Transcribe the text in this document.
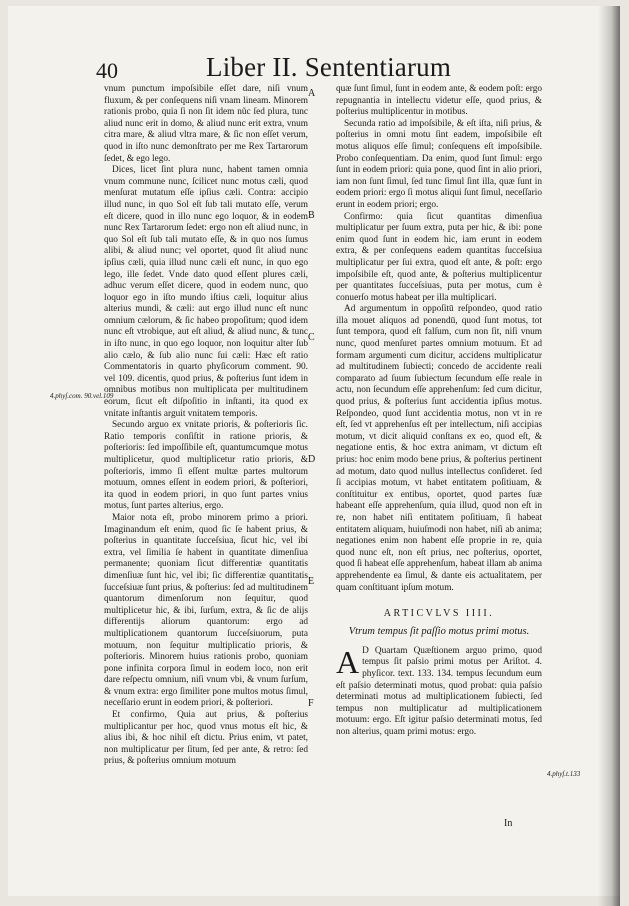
40	Liber II. Sententiarum

vnum punctum impoſsibile eſſet dare, niſi vnum fluxum, & per conſequens niſi vnam lineam. Minorem rationis probo, quia ſi non ſit idem nũc ſed plura, tunc aliud nunc erit in domo, & aliud nunc erit extra, vnum citra mare, & aliud vltra mare, & ſic non eſſet verum, quod in iſto nunc demonſtrato per me Rex Tartarorum ſedet, & ego lego.

Dices, licet ſint plura nunc, habent tamen omnia vnum commune nunc, ſcilicet nunc motus cæli, quod menſurat mutatum eſſe ipſius cæli. Contra: accipio illud nunc, in quo Sol eſt ſub tali mutato eſſe, verum eſt dicere, quod in illo nunc ego loquor, & in eodem nunc Rex Tartarorum ſedet: ergo non eſt aliud nunc, in quo Sol eſt ſub tali mutato eſſe, & in quo nos ſumus alibi, & aliud nunc; vel oportet, quod ſit aliud nunc ipſius cæli, quia illud nunc cæli eſt nunc, in quo ego lego, ille ſedet. Vnde dato quod eſſent plures cæli, adhuc verum eſſet dicere, quod in eodem nunc, quo loquor ego in iſto mundo iſtius cæli, loquitur alius alterius mundi, & cæli: aut ergo illud nunc eſt nunc omnium cælorum, & ſic habeo propoſitum; quod idem nunc eſt vtrobique, aut eſt aliud, & aliud nunc, & tunc in iſto nunc, in quo ego loquor, non loquitur alter ſub alio cælo, & ſub alio nunc ſui cæli: Hæc eſt ratio Commentatoris in quarto phyſicorum comment. 90. vel 109. dicentis, quod prius, & poſterius ſunt idem in omnibus motibus non multiplicata per multitudinem eorum, ſicut eſt diſpoſitio in inſtanti, ita quod ex vnitate inſtantis arguit vnitatem temporis.

Secundo arguo ex vnitate prioris, & poſterioris ſic. Ratio temporis conſiſtit in ratione prioris, & poſterioris: ſed impoſſibile eſt, quantumcumque motus multiplicetur, quod multiplicetur ratio prioris, & poſterioris, immo ſi eſſent multæ partes multorum motuum, omnes eſſent in eodem priori, & poſteriori, ita quod in eodem priori, in quo ſunt partes vnius motus, ſunt partes alterius, ergo.

Maior nota eſt, probo minorem primo a priori. Imaginandum eſt enim, quod ſic ſe habent prius, & poſterius in quantitate ſucceſsiua, ſicut hic, vel ibi extra, vel ſimilia ſe habent in quantitate dimenſiua permanente; quoniam ſicut differentiæ quantitatis dimenſiuæ ſunt hic, vel ibi; ſic differentiæ quantitatis ſucceſsiuæ ſunt prius, & poſterius: ſed ad multitudinem quantorum dimenſorum non ſequitur, quod multiplicetur hic, & ibi, ſurſum, extra, & ſic de alijs differentijs aliorum quantorum: ergo ad multiplicationem quantorum ſucceſsiuorum, puta motuum, non ſequitur multiplicatio prioris, & poſterioris. Minorem huius rationis probo, quoniam pone infinita corpora ſimul in eodem loco, non erit dare reſpectu omnium, niſi vnum vbi, & vnum ſurſum, & vnum extra: ergo ſimiliter pone multos motus ſimul, neceſſario erunt in eodem priori, & poſteriori.

Et confirmo, Quia aut prius, & poſterius multiplicantur per hoc, quod vnus motus eſt hic, & alius ibi, & hoc nihil eſt dictu. Prius enim, vt patet, non multiplicatur per ſitum, ſed per ante, & retro: ſed prius, & poſterius omnium motuum

4.phyſ.com. 90.vel.109
A
B
C
D
E
F

quæ ſunt ſimul, ſunt in eodem ante, & eodem poſt: ergo repugnantia in intellectu videtur eſſe, quod prius, & poſterius multiplicentur in motibus.

Secunda ratio ad impoſsibile, & eſt iſta, niſi prius, & poſterius in omni motu ſint eadem, impoſsibile eſt motus aliquos eſſe ſimul; conſequens eſt impoſsibile. Probo conſequentiam. Da enim, quod ſunt ſimul: ergo ſunt in eodem priori: quia pone, quod ſint in alio priori, iam non ſunt ſimul, ſed tunc ſimul ſint illa, quæ ſunt in eodem priori: ergo ſi motus aliqui ſunt ſimul, neceſſario erunt in eodem priori; ergo.

Confirmo: quia ſicut quantitas dimenſiua multiplicatur per ſuum extra, puta per hic, & ibi: pone enim quod ſunt in eodem hic, iam erunt in eodem extra, & per conſequens eadem quantitas ſucceſsiua multiplicatur per ſui extra, quod eſt ante, & poſt: ergo impoſsibile eſt, quod ante, & poſterius multiplicentur per quantitates ſucceſsiuas, puta per motus, cum è conuerſo motus habeat per illa multiplicari.

Ad argumentum in oppoſitū reſpondeo, quod ratio illa mouet aliquos ad ponendū, quod ſunt motus, tot ſunt tempora, quod eſt falſum, cum non ſit, niſi vnum nunc, quod menſuret partes omnium motuum. Et ad formam argumenti cum dicitur, accidens multiplicatur ad multitudinem ſubiecti; concedo de accidente reali comparato ad ſuum ſubiectum ſecundum eſſe reale in actu, non ſecundum eſſe apprehenſum: ſed cum dicitur, quod prius, & poſterius ſunt accidentia ipſius motus. Reſpondeo, quod ſunt accidentia motus, non vt in re eſt, ſed vt apprehenſus eſt per intellectum, niſi accipias motum, vt dicit aliquid conſtans ex eo, quod eſt, & negatione entis, & hoc extra animam, vt dictum eſt prius: hoc enim modo bene prius, & poſterius pertinent ad motum, dato quod nullus intellectus conſideret. ſed ſi accipias motum, vt habet entitatem poſitiuam, & conſtituitur ex entibus, oportet, quod partes ſuæ habeant eſſe apprehenſum, quia illud, quod non eſt in re, non habet niſi entitatem poſitiuam, ſi habeat entitatem aliquam, huiuſmodi non habet, niſi ab anima; negationes enim non habent eſſe proprie in re, quia quod nunc eſt, non eſt prius, nec poſterius, oportet, quod ſi habeat eſſe apprehenſum, habeat illam ab anima apprehendente ea ſimul, & dante eis actualitatem, per quam conſtituant ipſum motum.

ARTICVLVS IIII.
Vtrum tempus ſit paſſio motus primi motus.

A D Quartam Quæſtionem arguo primo, quod tempus ſit paſsio primi motus per Ariſtot. 4. phyſicor. text. 133. 134. tempus ſecundum eum eſt paſsio determinati motus, quod probat: quia paſsio determinati motus ad multiplicationem ſubiecti, ſed tempus non multiplicatur ad multiplicationem motuum: ergo. Eſt igitur paſsio determinati motus, ſed non alterius, quam primi motus: ergo.

4.phyſ.t.133
In
